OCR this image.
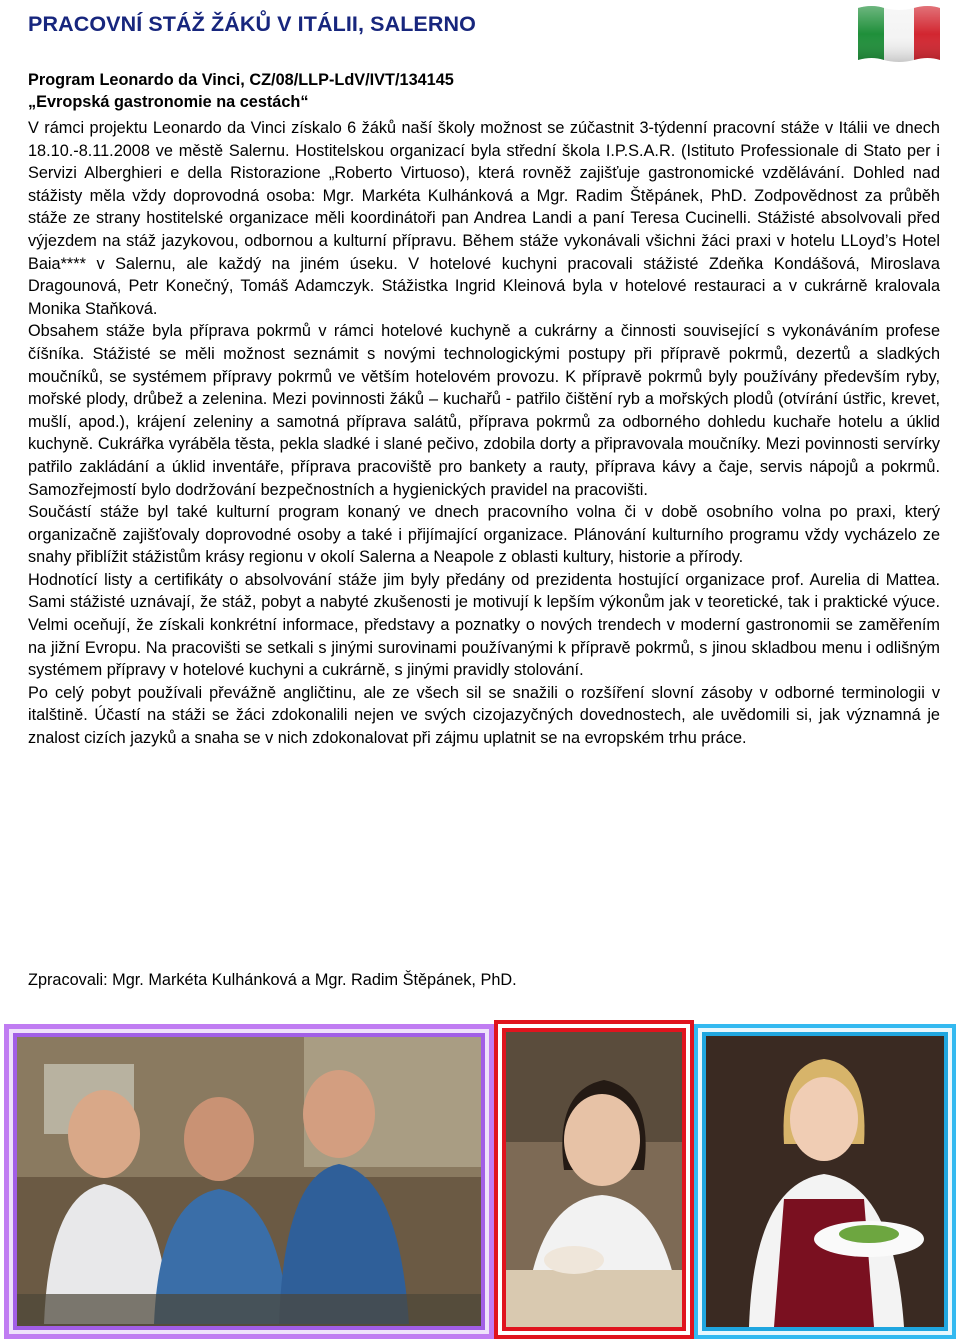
PRACOVNÍ STÁŽ ŽÁKŮ V ITÁLII, SALERNO
Program Leonardo da Vinci, CZ/08/LLP-LdV/IVT/134145
„Evropská gastronomie na cestách“

V rámci projektu Leonardo da Vinci získalo 6 žáků naší školy možnost se zúčastnit 3-týdenní pracovní stáže v Itálii ve dnech 18.10.-8.11.2008 ve městě Salernu. Hostitelskou organizací byla střední škola I.P.S.A.R. (Istituto Professionale di Stato per i Servizi Alberghieri e della Ristorazione „Roberto Virtuoso), která rovněž zajišťuje gastronomické vzdělávání. Dohled nad stážisty měla vždy doprovodná osoba: Mgr. Markéta Kulhánková a Mgr. Radim Štěpánek, PhD. Zodpovědnost za průběh stáže ze strany hostitelské organizace měli koordinátoři pan Andrea Landi a paní Teresa Cucinelli. Stážisté absolvovali před výjezdem na stáž jazykovou, odbornou a kulturní přípravu. Během stáže vykonávali všichni žáci praxi v hotelu LLoyd’s Hotel Baia**** v Salernu, ale každý na jiném úseku. V hotelové kuchyni pracovali stážisté Zdeňka Kondášová, Miroslava Dragounová, Petr Konečný, Tomáš Adamczyk. Stážistka Ingrid Kleinová byla v hotelové restauraci a v cukrárně kralovala Monika Staňková.

Obsahem stáže byla příprava pokrmů v rámci hotelové kuchyně a cukrárny a činnosti související s vykonáváním profese číšníka. Stážisté se měli možnost seznámit s novými technologickými postupy při přípravě pokrmů, dezertů a sladkých moučníků, se systémem přípravy pokrmů ve větším hotelovém provozu. K přípravě pokrmů byly používány především ryby, mořské plody, drůbež a zelenina. Mezi povinnosti žáků – kuchařů - patřilo čištění ryb a mořských plodů (otvírání ústřic, krevet, mušlí, apod.), krájení zeleniny a samotná příprava salátů, příprava pokrmů za odborného dohledu kuchaře hotelu a úklid kuchyně. Cukrářka vyráběla těsta, pekla sladké i slané pečivo, zdobila dorty a připravovala moučníky. Mezi povinnosti servírky patřilo zakládání a úklid inventáře, příprava pracoviště pro bankety a rauty, příprava kávy a čaje, servis nápojů a pokrmů. Samozřejmostí bylo dodržování bezpečnostních a hygienických pravidel na pracovišti.

Součástí stáže byl také kulturní program konaný ve dnech pracovního volna či v době osobního volna po praxi, který organizačně zajišťovaly doprovodné osoby a také i přijímající organizace. Plánování kulturního programu vždy vycházelo ze snahy přiblížit stážistům krásy regionu v okolí Salerna a Neapole z oblasti kultury, historie a přírody.

Hodnotící listy a certifikáty o absolvování stáže jim byly předány od prezidenta hostující organizace prof. Aurelia di Mattea. Sami stážisté uznávají, že stáž, pobyt a nabyté zkušenosti je motivují k lepším výkonům jak v teoretické, tak i praktické výuce. Velmi oceňují, že získali konkrétní informace, představy a poznatky o nových trendech v moderní gastronomii se zaměřením na jižní Evropu. Na pracovišti se setkali s jinými surovinami používanými k přípravě pokrmů, s jinou skladbou menu i odlišným systémem přípravy v hotelové kuchyni a cukrárně, s jinými pravidly stolování.

Po celý pobyt používali převážně angličtinu, ale ze všech sil se snažili o rozšíření slovní zásoby v odborné terminologii v italštině. Účastí na stáži se žáci zdokonalili nejen ve svých cizojazyčných dovednostech, ale uvědomili si, jak významná je znalost cizích jazyků a snaha se v nich zdokonalovat při zájmu uplatnit se na evropském trhu práce.

Zpracovali: Mgr. Markéta Kulhánková a Mgr. Radim Štěpánek, PhD.
